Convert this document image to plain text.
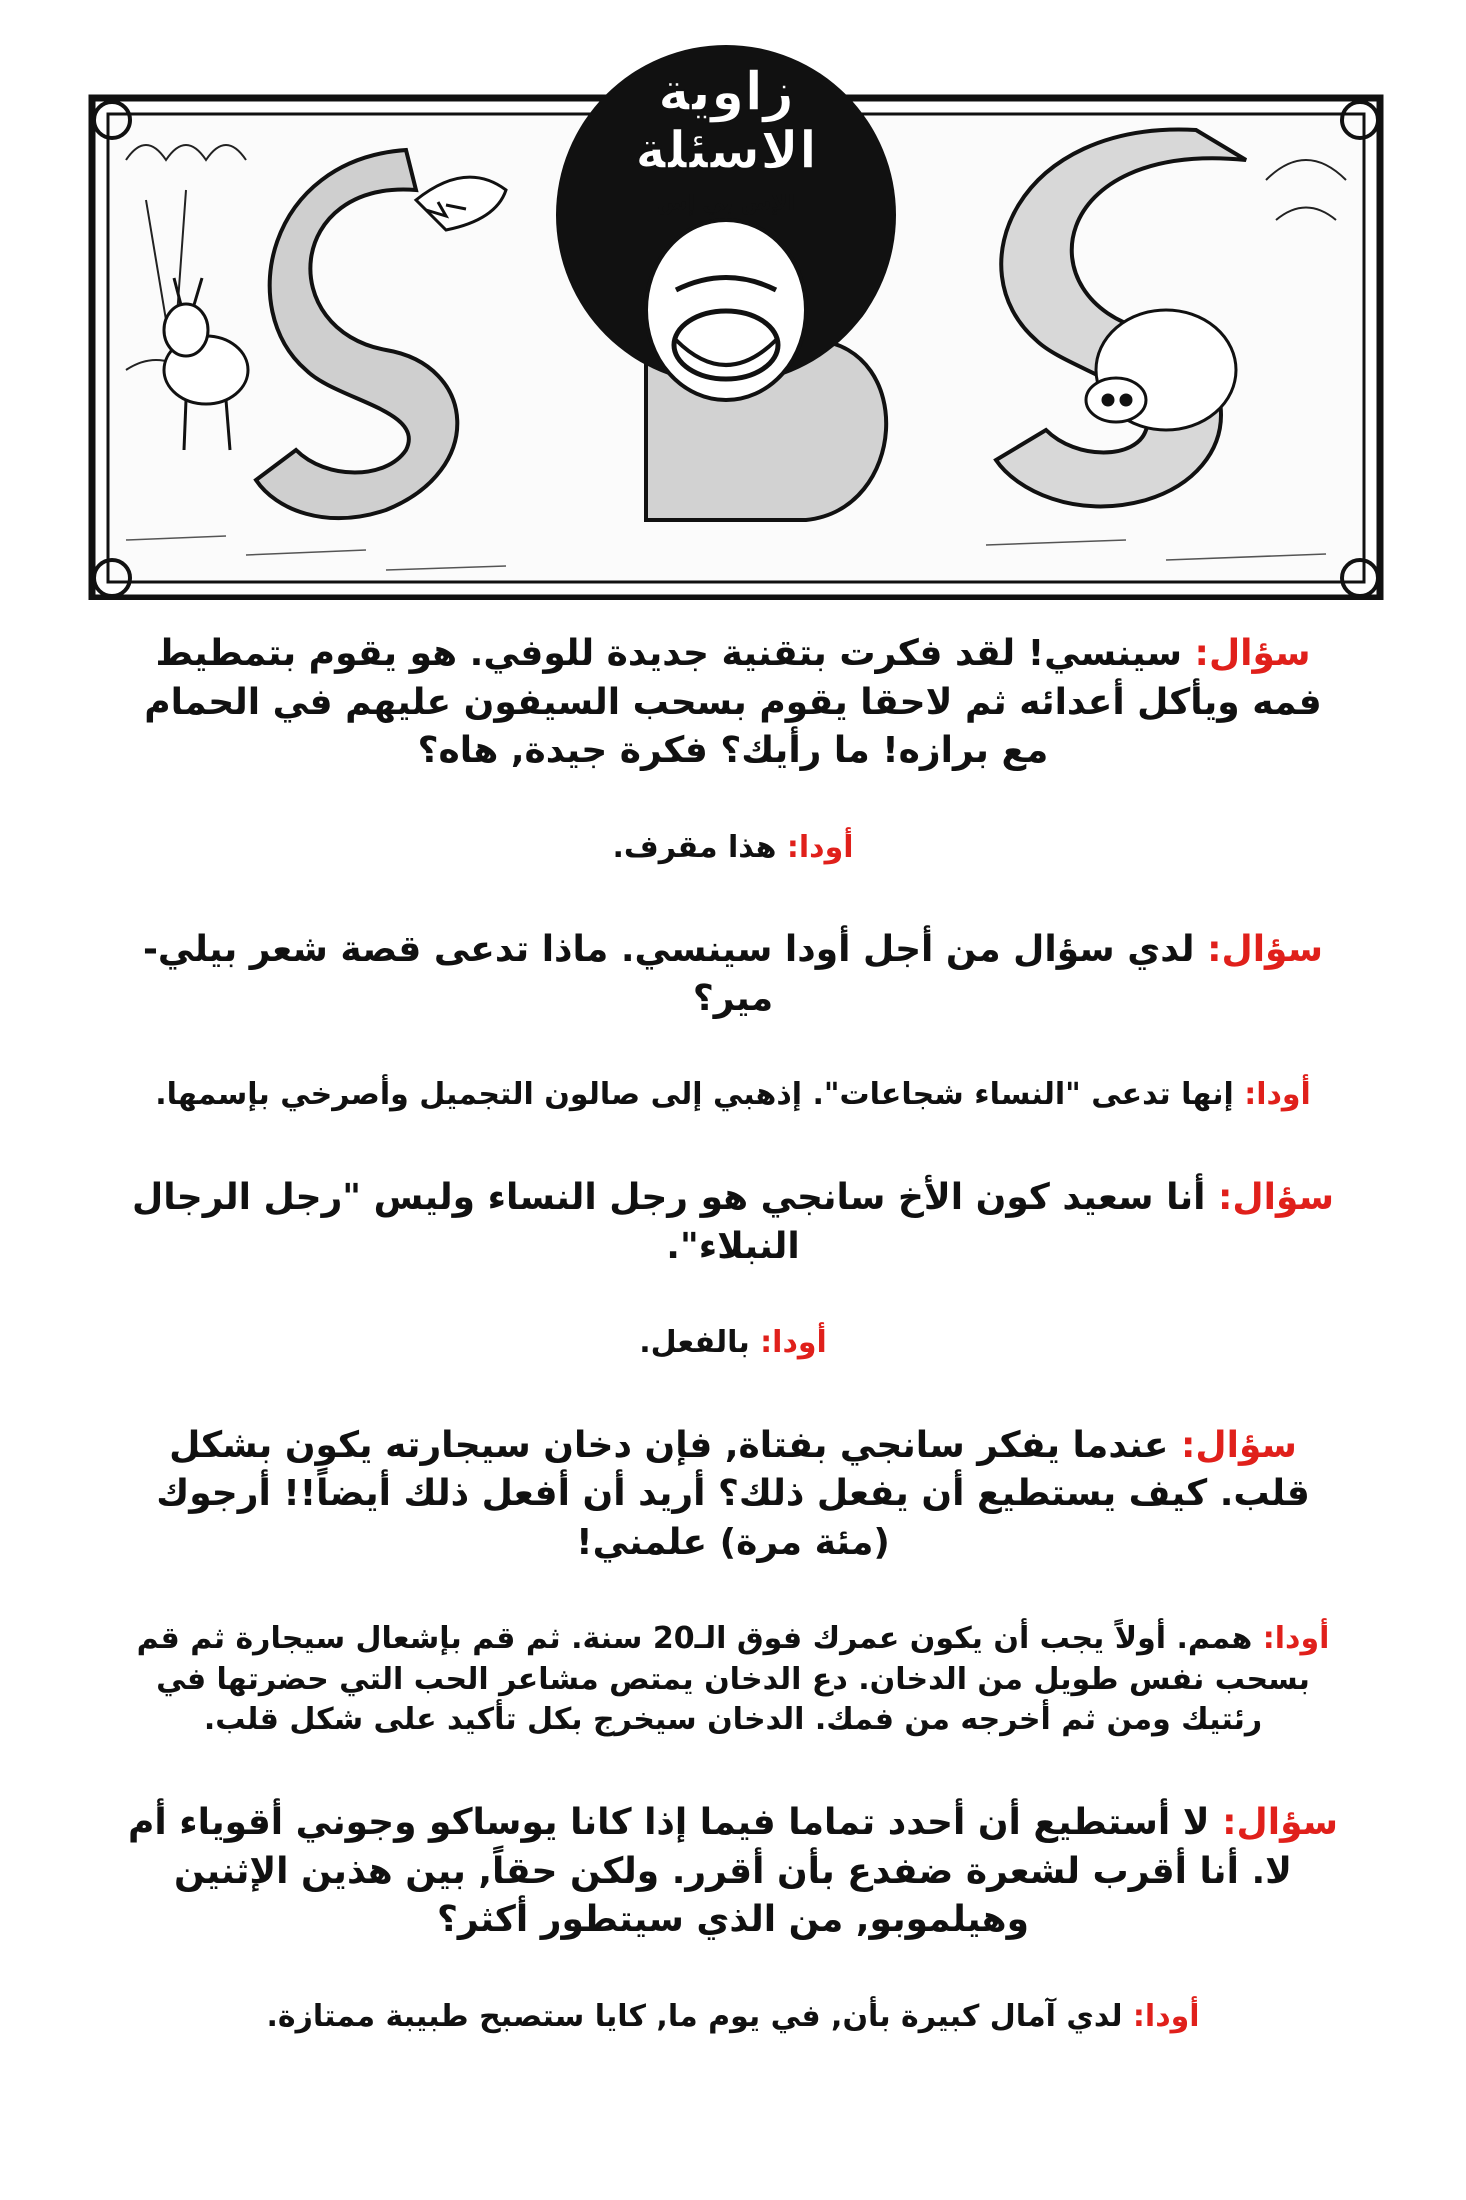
زاوية
الاسئلة
الإس بي إس

سؤال: سينسي! لقد فكرت بتقنية جديدة للوفي. هو يقوم بتمطيط فمه ويأكل أعدائه ثم لاحقا يقوم بسحب السيفون عليهم في الحمام مع برازه! ما رأيك؟ فكرة جيدة, هاه؟

أودا: هذا مقرف.

سؤال: لدي سؤال من أجل أودا سينسي. ماذا تدعى قصة شعر بيلي-مير؟

أودا: إنها تدعى "النساء شجاعات". إذهبي إلى صالون التجميل وأصرخي بإسمها.

سؤال: أنا سعيد كون الأخ سانجي هو رجل النساء وليس "رجل الرجال النبلاء".

أودا: بالفعل.

سؤال: عندما يفكر سانجي بفتاة, فإن دخان سيجارته يكون بشكل قلب. كيف يستطيع أن يفعل ذلك؟ أريد أن أفعل ذلك أيضاً!! أرجوك (مئة مرة) علمني!

أودا: همم. أولاً يجب أن يكون عمرك فوق الـ20 سنة. ثم قم بإشعال سيجارة ثم قم بسحب نفس طويل من الدخان. دع الدخان يمتص مشاعر الحب التي حضرتها في رئتيك ومن ثم أخرجه من فمك. الدخان سيخرج بكل تأكيد على شكل قلب.

سؤال: لا أستطيع أن أحدد تماما فيما إذا كانا يوساكو وجوني أقوياء أم لا. أنا أقرب لشعرة ضفدع بأن أقرر. ولكن حقاً, بين هذين الإثنين وهيلموبو, من الذي سيتطور أكثر؟

أودا: لدي آمال كبيرة بأن, في يوم ما, كايا ستصبح طبيبة ممتازة.
